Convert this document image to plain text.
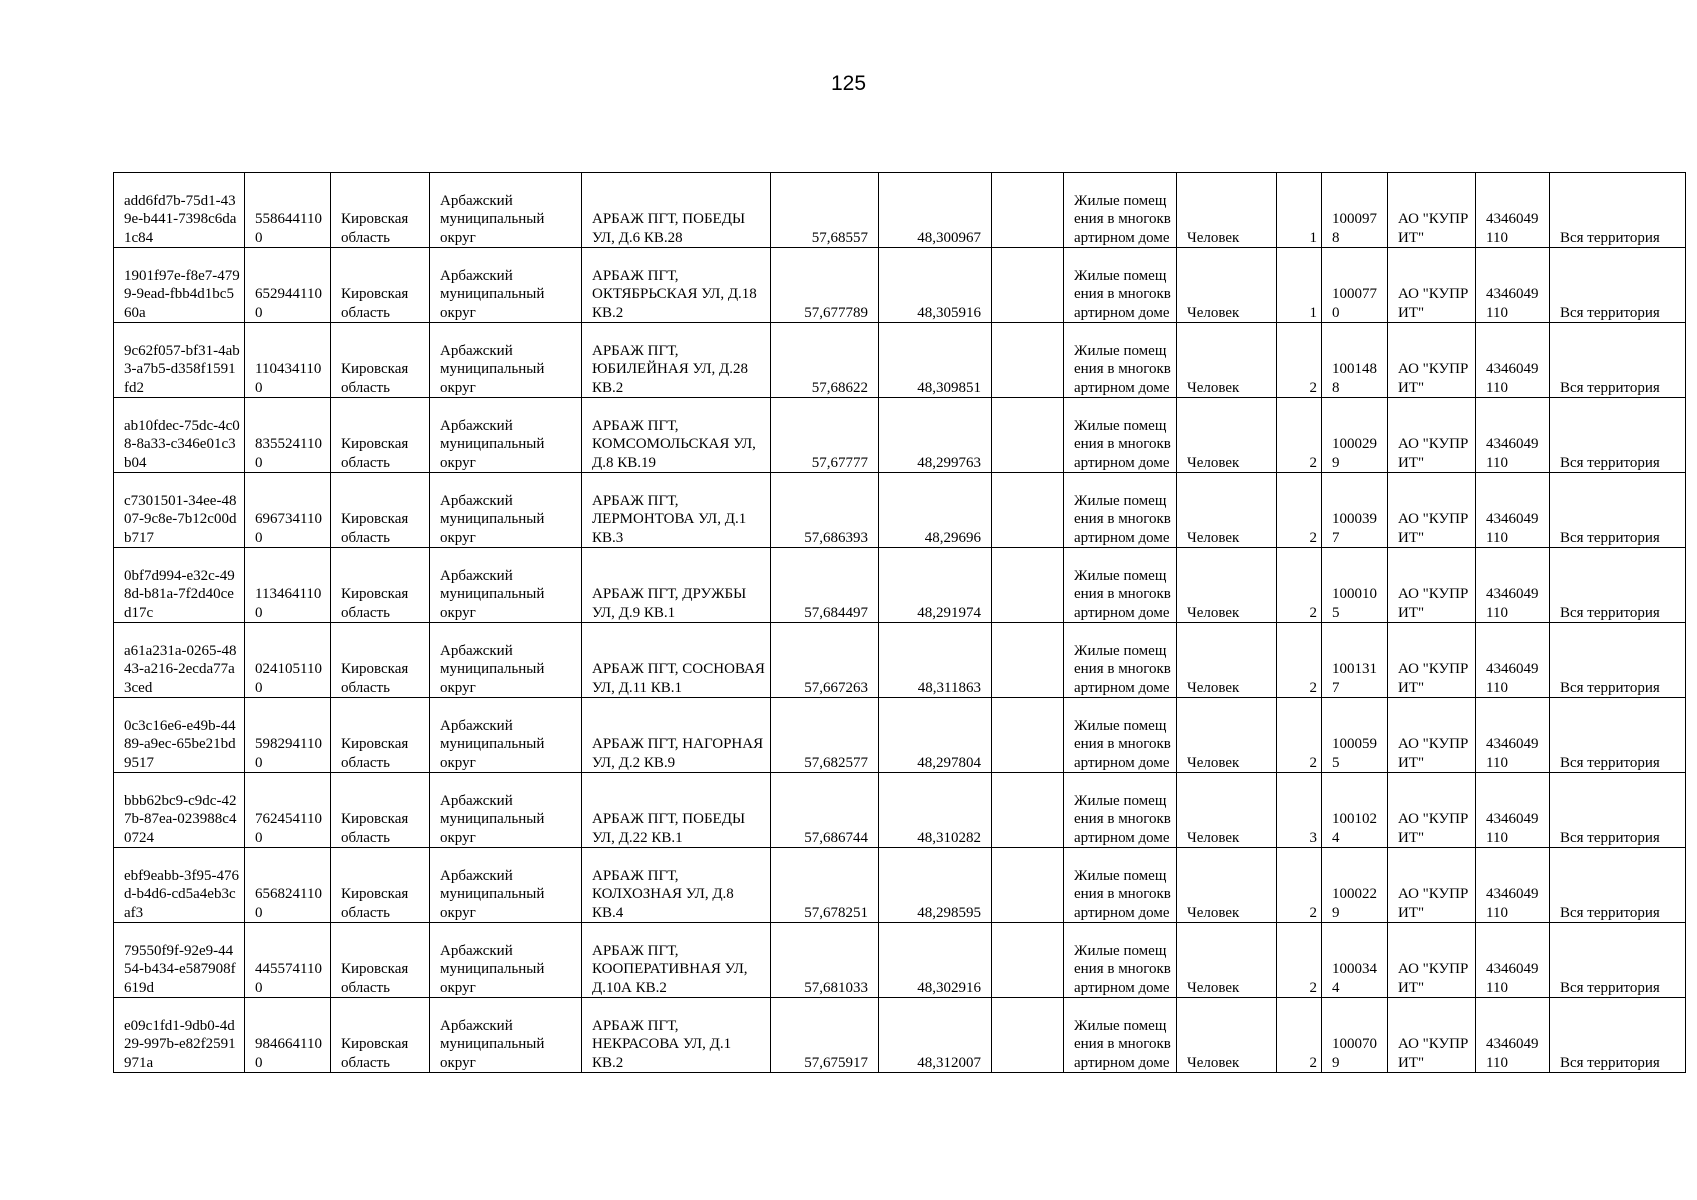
125
add6fd7b-75d1-439e-b441-7398c6da1c84	5586441100	Кировская область	Арбажский муниципальный округ	АРБАЖ ПГТ, ПОБЕДЫ УЛ, Д.6 КВ.28	57,68557	48,300967		Жилые помещения в многоквартирном доме	Человек	1	1000978	АО "КУПРИТ"	4346049110	Вся территория
1901f97e-f8e7-4799-9ead-fbb4d1bc560a	6529441100	Кировская область	Арбажский муниципальный округ	АРБАЖ ПГТ, ОКТЯБРЬСКАЯ УЛ, Д.18 КВ.2	57,677789	48,305916		Жилые помещения в многоквартирном доме	Человек	1	1000770	АО "КУПРИТ"	4346049110	Вся территория
9c62f057-bf31-4ab3-a7b5-d358f1591fd2	1104341100	Кировская область	Арбажский муниципальный округ	АРБАЖ ПГТ, ЮБИЛЕЙНАЯ УЛ, Д.28 КВ.2	57,68622	48,309851		Жилые помещения в многоквартирном доме	Человек	2	1001488	АО "КУПРИТ"	4346049110	Вся территория
ab10fdec-75dc-4c08-8a33-c346e01c3b04	8355241100	Кировская область	Арбажский муниципальный округ	АРБАЖ ПГТ, КОМСОМОЛЬСКАЯ УЛ, Д.8 КВ.19	57,67777	48,299763		Жилые помещения в многоквартирном доме	Человек	2	1000299	АО "КУПРИТ"	4346049110	Вся территория
c7301501-34ee-4807-9c8e-7b12c00db717	6967341100	Кировская область	Арбажский муниципальный округ	АРБАЖ ПГТ, ЛЕРМОНТОВА УЛ, Д.1 КВ.3	57,686393	48,29696		Жилые помещения в многоквартирном доме	Человек	2	1000397	АО "КУПРИТ"	4346049110	Вся территория
0bf7d994-e32c-498d-b81a-7f2d40ced17c	1134641100	Кировская область	Арбажский муниципальный округ	АРБАЖ ПГТ, ДРУЖБЫ УЛ, Д.9 КВ.1	57,684497	48,291974		Жилые помещения в многоквартирном доме	Человек	2	1000105	АО "КУПРИТ"	4346049110	Вся территория
a61a231a-0265-4843-a216-2ecda77a3ced	0241051100	Кировская область	Арбажский муниципальный округ	АРБАЖ ПГТ, СОСНОВАЯ УЛ, Д.11 КВ.1	57,667263	48,311863		Жилые помещения в многоквартирном доме	Человек	2	1001317	АО "КУПРИТ"	4346049110	Вся территория
0c3c16e6-e49b-4489-a9ec-65be21bd9517	5982941100	Кировская область	Арбажский муниципальный округ	АРБАЖ ПГТ, НАГОРНАЯ УЛ, Д.2 КВ.9	57,682577	48,297804		Жилые помещения в многоквартирном доме	Человек	2	1000595	АО "КУПРИТ"	4346049110	Вся территория
bbb62bc9-c9dc-427b-87ea-023988c40724	7624541100	Кировская область	Арбажский муниципальный округ	АРБАЖ ПГТ, ПОБЕДЫ УЛ, Д.22 КВ.1	57,686744	48,310282		Жилые помещения в многоквартирном доме	Человек	3	1001024	АО "КУПРИТ"	4346049110	Вся территория
ebf9eabb-3f95-476d-b4d6-cd5a4eb3caf3	6568241100	Кировская область	Арбажский муниципальный округ	АРБАЖ ПГТ, КОЛХОЗНАЯ УЛ, Д.8 КВ.4	57,678251	48,298595		Жилые помещения в многоквартирном доме	Человек	2	1000229	АО "КУПРИТ"	4346049110	Вся территория
79550f9f-92e9-4454-b434-e587908f619d	4455741100	Кировская область	Арбажский муниципальный округ	АРБАЖ ПГТ, КООПЕРАТИВНАЯ УЛ, Д.10А КВ.2	57,681033	48,302916		Жилые помещения в многоквартирном доме	Человек	2	1000344	АО "КУПРИТ"	4346049110	Вся территория
e09c1fd1-9db0-4d29-997b-e82f2591971a	9846641100	Кировская область	Арбажский муниципальный округ	АРБАЖ ПГТ, НЕКРАСОВА УЛ, Д.1 КВ.2	57,675917	48,312007		Жилые помещения в многоквартирном доме	Человек	2	1000709	АО "КУПРИТ"	4346049110	Вся территория
